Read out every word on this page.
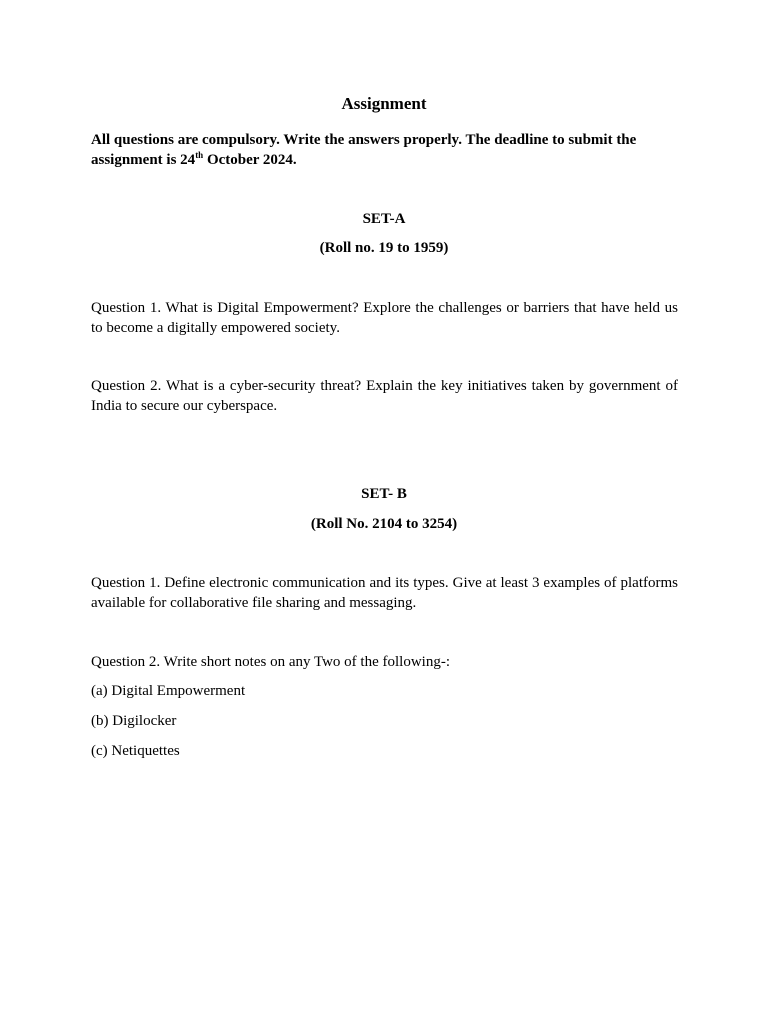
Assignment
All questions are compulsory. Write the answers properly. The deadline to submit the assignment is 24th October 2024.
SET-A
(Roll no. 19 to 1959)
Question 1. What is Digital Empowerment? Explore the challenges or barriers that have held us to become a digitally empowered society.
Question 2. What is a cyber-security threat? Explain the key initiatives taken by government of India to secure our cyberspace.
SET- B
(Roll No. 2104 to 3254)
Question 1. Define electronic communication and its types. Give at least 3 examples of platforms available for collaborative file sharing and messaging.
Question 2. Write short notes on any Two of the following-:
(a) Digital Empowerment
(b) Digilocker
(c) Netiquettes
